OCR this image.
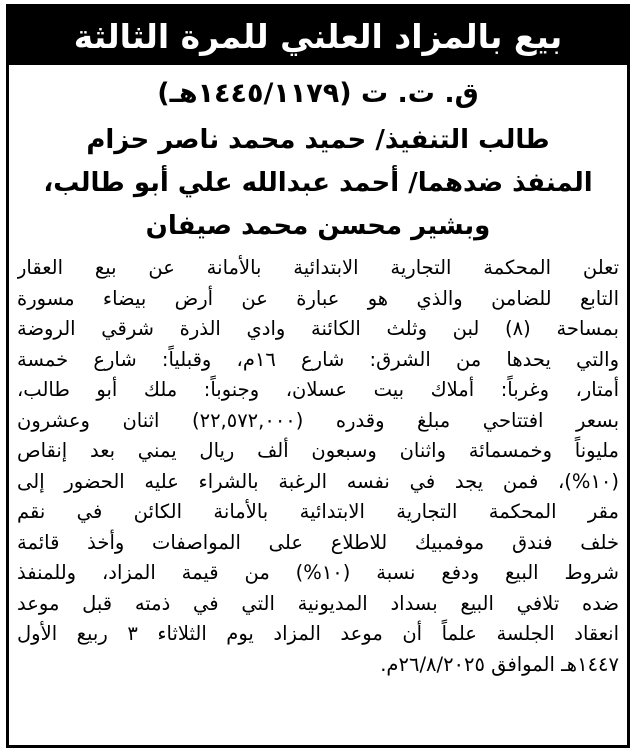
بيع بالمزاد العلني للمرة الثالثة
ق. ت. ت (١٤٤٥/١١٧٩هـ)
طالب التنفيذ/ حميد محمد ناصر حزام
المنفذ ضدهما/ أحمد عبدالله علي أبو طالب،
وبشير محسن محمد صيفان
تعلن المحكمة التجارية الابتدائية بالأمانة عن بيع العقار
التابع للضامن والذي هو عبارة عن أرض بيضاء مسورة
بمساحة (٨) لبن وثلث الكائنة وادي الذرة شرقي الروضة
والتي يحدها من الشرق: شارع ١٦م، وقبلياً: شارع خمسة
أمتار، وغرباً: أملاك بيت عسلان، وجنوباً: ملك أبو طالب،
بسعر افتتاحي مبلغ وقدره (٢٢,٥٧٢,٠٠٠) اثنان وعشرون
مليوناً وخمسمائة واثنان وسبعون ألف ريال يمني بعد إنقاص
(١٠%)، فمن يجد في نفسه الرغبة بالشراء عليه الحضور إلى
مقر المحكمة التجارية الابتدائية بالأمانة الكائن في نقم
خلف فندق موفمبيك للاطلاع على المواصفات وأخذ قائمة
شروط البيع ودفع نسبة (١٠%) من قيمة المزاد، وللمنفذ
ضده تلافي البيع بسداد المديونية التي في ذمته قبل موعد
انعقاد الجلسة علماً أن موعد المزاد يوم الثلاثاء ٣ ربيع الأول
١٤٤٧هـ الموافق ٢٦/٨/٢٠٢٥م.
